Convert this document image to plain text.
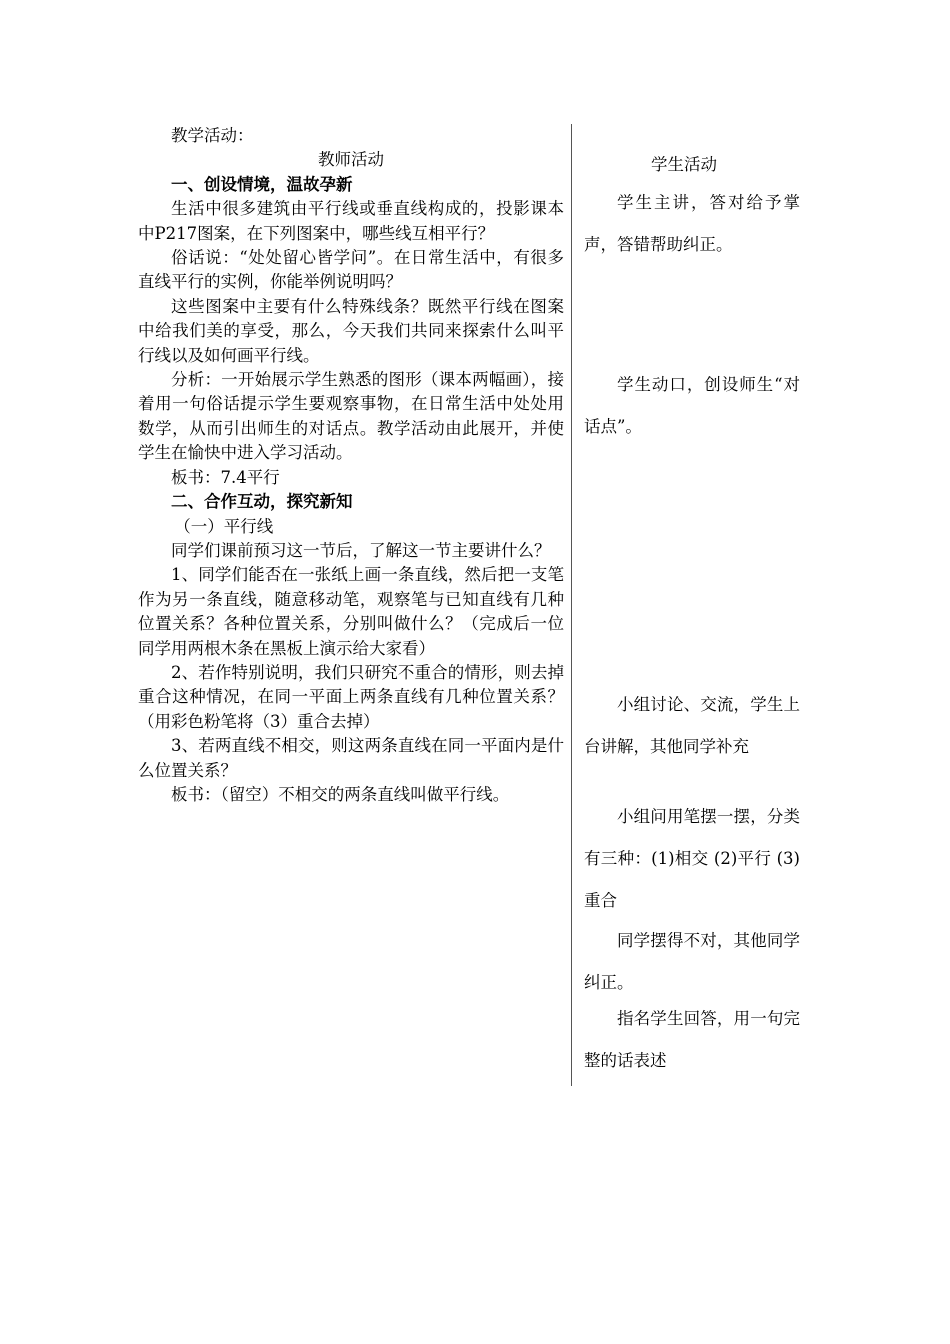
教学活动：

教师活动

一、创设情境，温故孕新

生活中很多建筑由平行线或垂直线构成的，投影课本中P217图案，在下列图案中，哪些线互相平行？

俗话说：“处处留心皆学问”。在日常生活中，有很多直线平行的实例，你能举例说明吗？

这些图案中主要有什么特殊线条？既然平行线在图案中给我们美的享受，那么，今天我们共同来探索什么叫平行线以及如何画平行线。

分析：一开始展示学生熟悉的图形（课本两幅画），接着用一句俗话提示学生要观察事物，在日常生活中处处用数学，从而引出师生的对话点。教学活动由此展开，并使学生在愉快中进入学习活动。

板书：7.4平行

二、合作互动，探究新知

（一）平行线

同学们课前预习这一节后，了解这一节主要讲什么？

1、同学们能否在一张纸上画一条直线，然后把一支笔作为另一条直线，随意移动笔，观察笔与已知直线有几种位置关系？各种位置关系，分别叫做什么？（完成后一位同学用两根木条在黑板上演示给大家看）

2、若作特别说明，我们只研究不重合的情形，则去掉重合这种情况，在同一平面上两条直线有几种位置关系？（用彩色粉笔将（3）重合去掉）

3、若两直线不相交，则这两条直线在同一平面内是什么位置关系？

板书：（留空）不相交的两条直线叫做平行线。

学生活动

学生主讲，答对给予掌声，答错帮助纠正。

学生动口，创设师生“对话点”。

小组讨论、交流，学生上台讲解，其他同学补充

小组问用笔摆一摆，分类有三种：(1)相交 (2)平行 (3)重合

同学摆得不对，其他同学纠正。

指名学生回答，用一句完整的话表述
